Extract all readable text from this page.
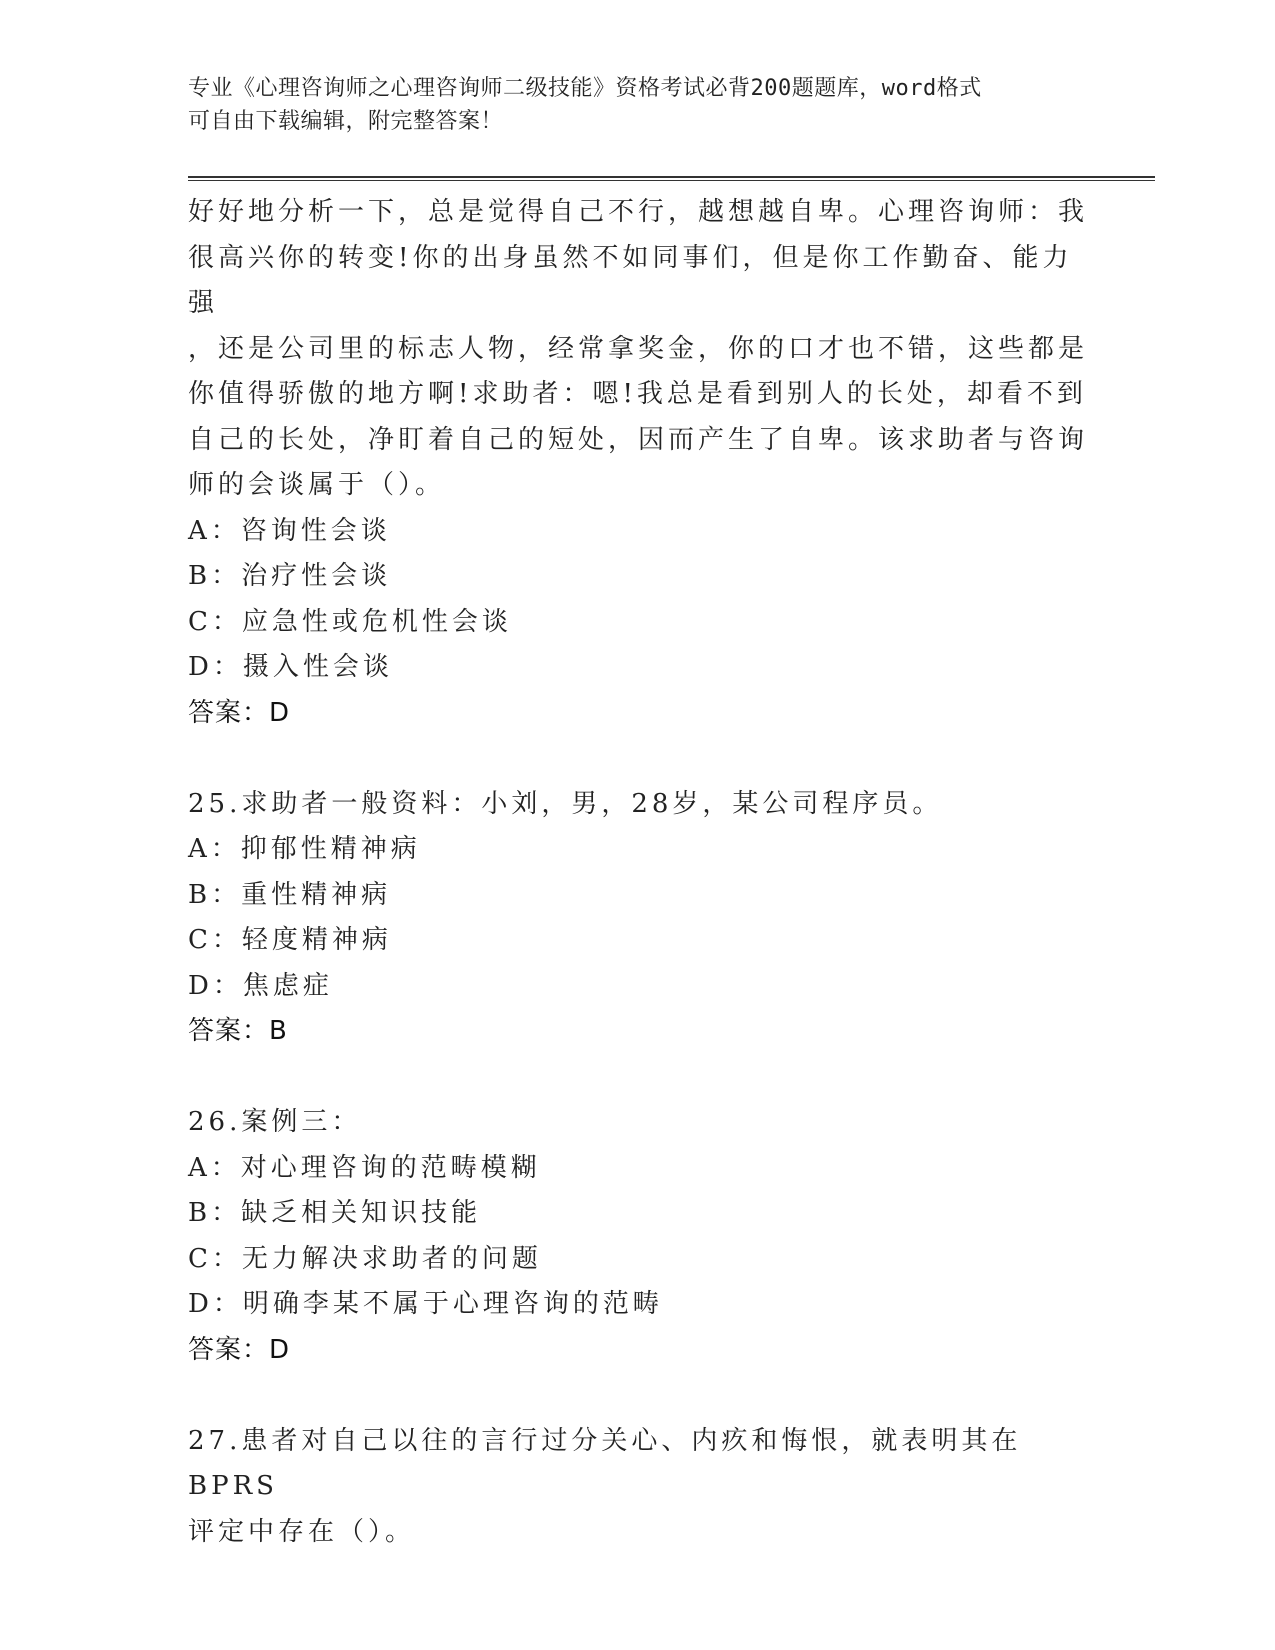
专业《心理咨询师之心理咨询师二级技能》资格考试必背200题题库，word格式
可自由下载编辑，附完整答案！

好好地分析一下，总是觉得自己不行，越想越自卑。心理咨询师：我

很高兴你的转变!你的出身虽然不如同事们，但是你工作勤奋、能力强

，还是公司里的标志人物，经常拿奖金，你的口才也不错，这些都是

你值得骄傲的地方啊!求助者：嗯!我总是看到别人的长处，却看不到

自己的长处，净盯着自己的短处，因而产生了自卑。该求助者与咨询

师的会谈属于（）。

A：咨询性会谈

B：治疗性会谈

C：应急性或危机性会谈

D：摄入性会谈

答案：D

25.求助者一般资料：小刘，男，28岁，某公司程序员。

A：抑郁性精神病

B：重性精神病

C：轻度精神病

D：焦虑症

答案：B

26.案例三：

A：对心理咨询的范畴模糊

B：缺乏相关知识技能

C：无力解决求助者的问题

D：明确李某不属于心理咨询的范畴

答案：D

27.患者对自己以往的言行过分关心、内疚和悔恨，就表明其在BPRS

评定中存在（）。
